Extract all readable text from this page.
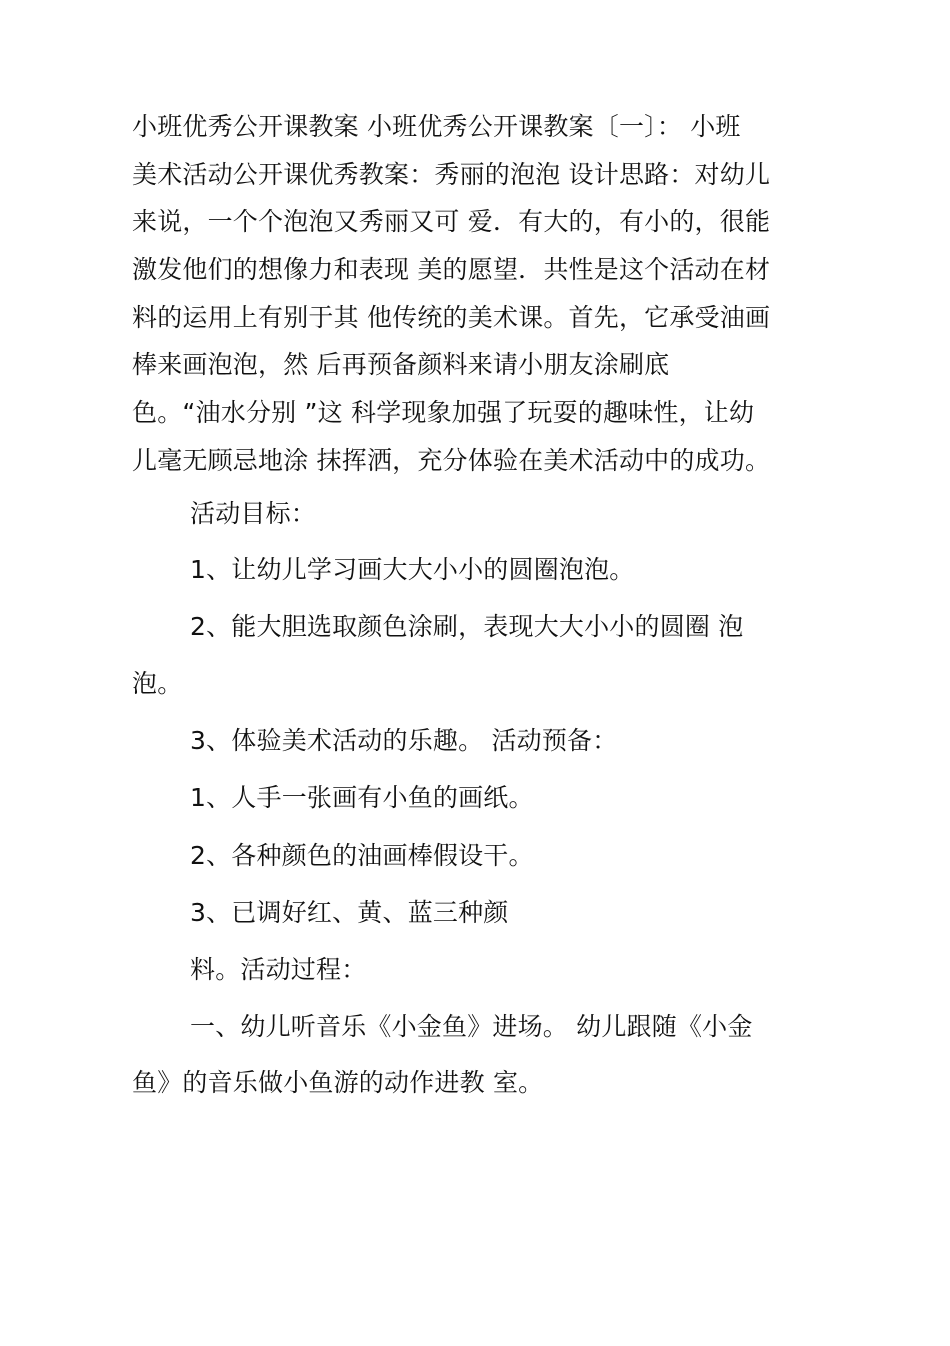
小班优秀公开课教案 小班优秀公开课教案〔一〕： 小班
美术活动公开课优秀教案：秀丽的泡泡 设计思路：对幼儿
来说，一个个泡泡又秀丽又可 爱．有大的，有小的，很能
激发他们的想像力和表现 美的愿望．共性是这个活动在材
料的运用上有别于其 他传统的美术课。首先，它承受油画
棒来画泡泡，然 后再预备颜料来请小朋友涂刷底
色。“油水分别 ”这 科学现象加强了玩耍的趣味性，让幼
儿毫无顾忌地涂 抹挥洒，充分体验在美术活动中的成功。
活动目标：
1、让幼儿学习画大大小小的圆圈泡泡。
2、能大胆选取颜色涂刷，表现大大小小的圆圈 泡
泡。
3、体验美术活动的乐趣。 活动预备：
1、人手一张画有小鱼的画纸。
2、各种颜色的油画棒假设干。
3、已调好红、黄、蓝三种颜
料。活动过程：
一、幼儿听音乐《小金鱼》进场。 幼儿跟随《小金
鱼》的音乐做小鱼游的动作进教 室。
